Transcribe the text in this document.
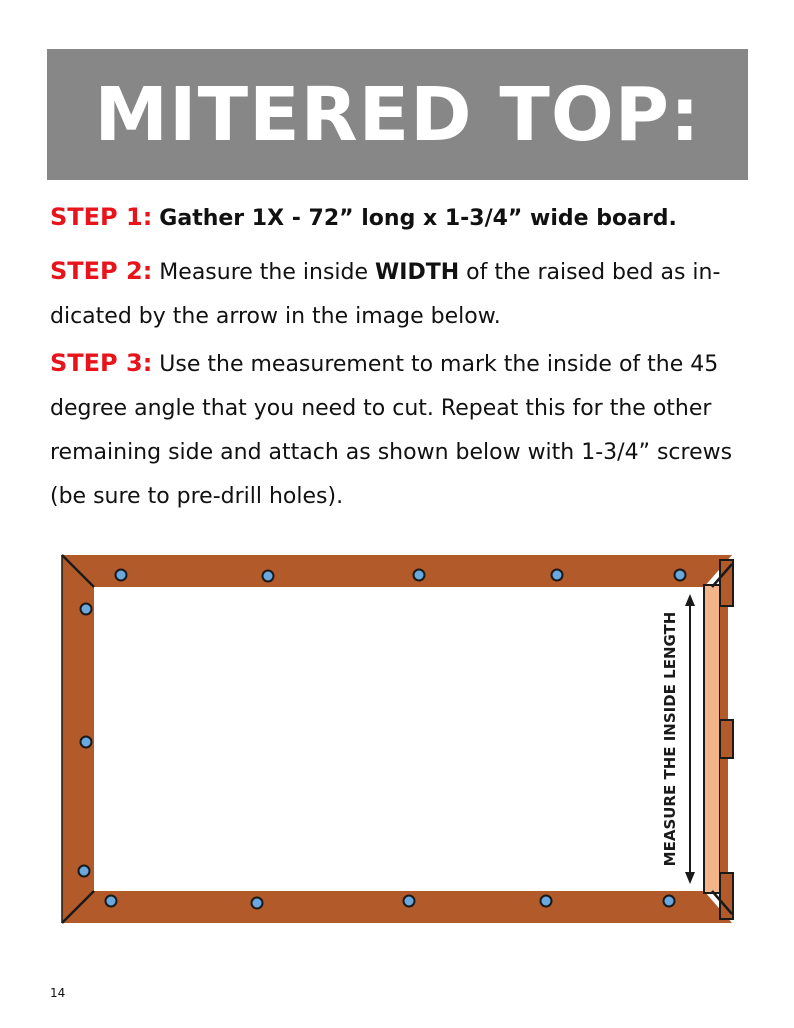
MITERED TOP:
STEP 1: Gather 1X - 72” long x 1-3/4” wide board.
STEP 2: Measure the inside WIDTH of the raised bed as in-dicated by the arrow in the image below.
STEP 3: Use the measurement to mark the inside of the 45 degree angle that you need to cut. Repeat this for the other remaining side and attach as shown below with 1-3/4” screws (be sure to pre-drill holes).
MEASURE THE INSIDE LENGTH
14
